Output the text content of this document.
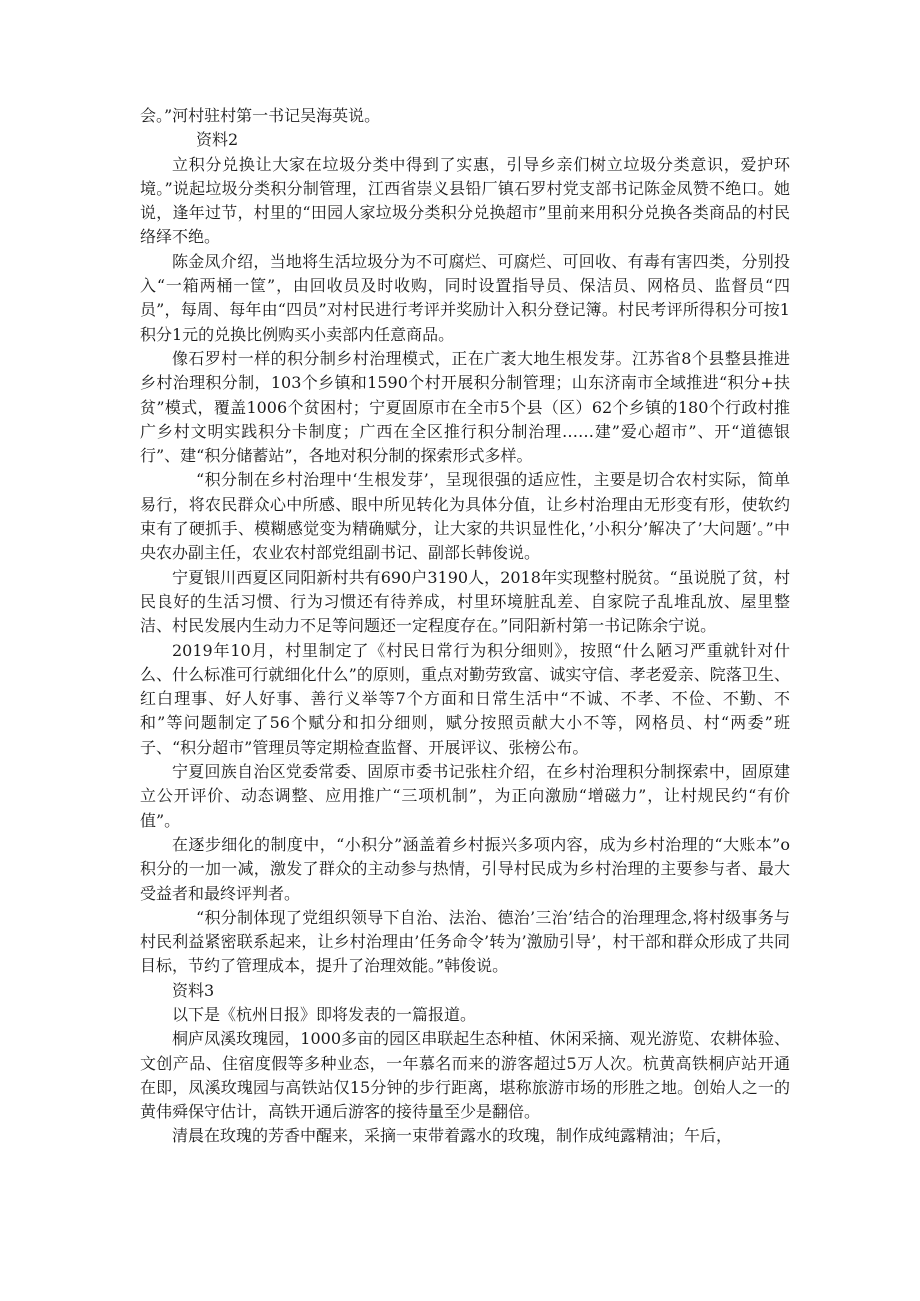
会。”河村驻村第一书记吴海英说。

资料2

立积分兑换让大家在垃圾分类中得到了实惠，引导乡亲们树立垃圾分类意识，爱护环境。”说起垃圾分类积分制管理，江西省崇义县铅厂镇石罗村党支部书记陈金凤赞不绝口。她说，逢年过节，村里的“田园人家垃圾分类积分兑换超市”里前来用积分兑换各类商品的村民络绎不绝。

陈金凤介绍，当地将生活垃圾分为不可腐烂、可腐烂、可回收、有毒有害四类，分别投入“一箱两桶一筐”，由回收员及时收购，同时设置指导员、保洁员、网格员、监督员“四员”，每周、每年由“四员”对村民进行考评并奖励计入积分登记簿。村民考评所得积分可按1积分1元的兑换比例购买小卖部内任意商品。

像石罗村一样的积分制乡村治理模式，正在广袤大地生根发芽。江苏省8个县整县推进乡村治理积分制，103个乡镇和1590个村开展积分制管理；山东济南市全域推进“积分+扶贫”模式，覆盖1006个贫困村；宁夏固原市在全市5个县（区）62个乡镇的180个行政村推广乡村文明实践积分卡制度；广西在全区推行积分制治理……建”爱心超市”、开“道德银行”、建“积分储蓄站”，各地对积分制的探索形式多样。

“积分制在乡村治理中‘生根发芽’，呈现很强的适应性，主要是切合农村实际，简单易行，将农民群众心中所感、眼中所见转化为具体分值，让乡村治理由无形变有形，使软约束有了硬抓手、模糊感觉变为精确赋分，让大家的共识显性化，’小积分’解决了’大问题’。”中央农办副主任，农业农村部党组副书记、副部长韩俊说。

宁夏银川西夏区同阳新村共有690户3190人，2018年实现整村脱贫。“虽说脱了贫，村民良好的生活习惯、行为习惯还有待养成，村里环境脏乱差、自家院子乱堆乱放、屋里整洁、村民发展内生动力不足等问题还一定程度存在。”同阳新村第一书记陈余宁说。

2019年10月，村里制定了《村民日常行为积分细则》，按照“什么陋习严重就针对什么、什么标准可行就细化什么”的原则，重点对勤劳致富、诚实守信、孝老爱亲、院落卫生、红白理事、好人好事、善行义举等7个方面和日常生活中“不诚、不孝、不俭、不勤、不和”等问题制定了56个赋分和扣分细则，赋分按照贡献大小不等，网格员、村“两委”班子、“积分超市”管理员等定期检查监督、开展评议、张榜公布。

宁夏回族自治区党委常委、固原市委书记张柱介绍，在乡村治理积分制探索中，固原建立公开评价、动态调整、应用推广“三项机制”，为正向激励“增磁力”，让村规民约“有价值”。

在逐步细化的制度中，“小积分”涵盖着乡村振兴多项内容，成为乡村治理的“大账本”o积分的一加一减，激发了群众的主动参与热情，引导村民成为乡村治理的主要参与者、最大受益者和最终评判者。

“积分制体现了党组织领导下自治、法治、德治’三治’结合的治理理念,将村级事务与村民利益紧密联系起来，让乡村治理由’任务命令’转为’激励引导’，村干部和群众形成了共同目标，节约了管理成本，提升了治理效能。”韩俊说。

资料3

以下是《杭州日报》即将发表的一篇报道。

桐庐凤溪玫瑰园，1000多亩的园区串联起生态种植、休闲采摘、观光游览、农耕体验、文创产品、住宿度假等多种业态，一年慕名而来的游客超过5万人次。杭黄高铁桐庐站开通在即，凤溪玫瑰园与高铁站仅15分钟的步行距离，堪称旅游市场的形胜之地。创始人之一的黄伟舜保守估计，高铁开通后游客的接待量至少是翻倍。

清晨在玫瑰的芳香中醒来，采摘一束带着露水的玫瑰，制作成纯露精油；午后，
